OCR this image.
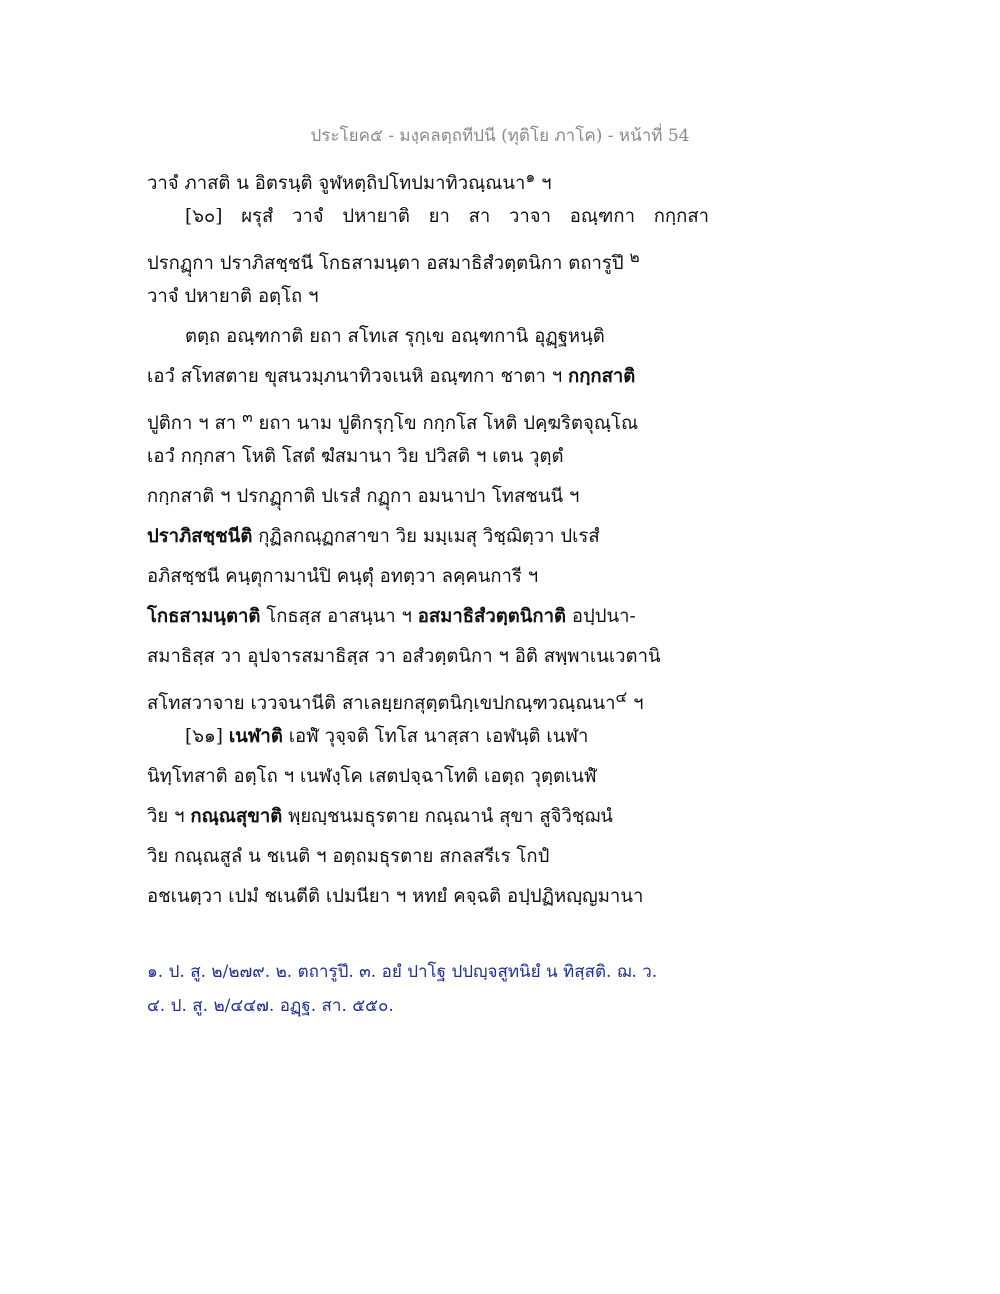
ประโยค๕ - มงฺคลตฺถทีปนี (ทุติโย ภาโค) - หน้าที่ 54
วาจํ ภาสติ น อิตรนฺติ จูฬหตฺถิปโทปมาทิวณฺณนา$^๑$ ฯ
[๖๐] ผรุสํ วาจํ ปหายาติ ยา สา วาจา อณฺฑกา กกฺกสา
ปรกฏุกา ปราภิสชฺชนี โกธสามนฺตา อสมาธิสํวตฺตนิกา ตถารูปึ $^๒$
วาจํ ปหายาติ อตฺโถ ฯ
ตตฺถ อณฺฑกาติ ยถา สโทเส รุกฺเข อณฺฑกานิ อุฏฺฐหนฺติ
เอวํ สโทสตาย ขุสนวมฺภนาทิวจเนหิ อณฺฑกา ชาตา ฯ กกฺกสาติ
ปูติกา ฯ สา $^๓$ ยถา นาม ปูติกรุกฺโข กกฺกโส โหติ ปคฺฆริตจุณฺโณ
เอวํ กกฺกสา โหติ โสตํ ฆํสมานา วิย ปวิสติ ฯ เตน วุตฺตํ
กกฺกสาติ ฯ ปรกฏุกาติ ปเรสํ กฏุกา อมนาปา โทสชนนี ฯ
ปราภิสชฺชนีติ กุฏิลกณฺฏกสาขา วิย มมฺเมสุ วิชฺฌิตฺวา ปเรสํ
อภิสชฺชนี คนฺตุกามานํปิ คนฺตุํ อทตฺวา ลคฺคนการี ฯ
โกธสามนฺตาติ โกธสฺส อาสนฺนา ฯ อสมาธิสํวตฺตนิกาติ อปฺปนา-
สมาธิสฺส วา อุปจารสมาธิสฺส วา อสํวตฺตนิกา ฯ อิติ สพฺพาเนเวตานิ
สโทสวาจาย เววจนานีติ สาเลยฺยกสุตฺตนิกฺเขปกณฺฑวณฺณนา$^๔$ ฯ
[๖๑] เนฬาติ เอฬํ วุจฺจติ โทโส นาสฺสา เอฬนฺติ เนฬา
นิทฺโทสาติ อตฺโถ ฯ เนฬงฺโค เสตปจฺฉาโทติ เอตฺถ วุตฺตเนฬํ
วิย ฯ กณฺณสุขาติ พฺยญฺชนมธุรตาย กณฺณานํ สุขา สูจิวิชฺฌนํ
วิย กณฺณสูลํ น ชเนติ ฯ อตฺถมธุรตาย สกลสรีเร โกปํ
อชเนตฺวา เปมํ ชเนตีติ เปมนียา ฯ หทยํ คจฺฉติ อปฺปฏิหญฺญมานา
๑. ป. สู. ๒/๒๗๙. ๒. ตถารูปึ. ๓. อยํ ปาโฐ ปปญฺจสูทนิยํ น ทิสฺสติ. ฌ. ว.
๔. ป. สู. ๒/๔๔๗. อฏฺฐ. สา. ๕๕๐.
